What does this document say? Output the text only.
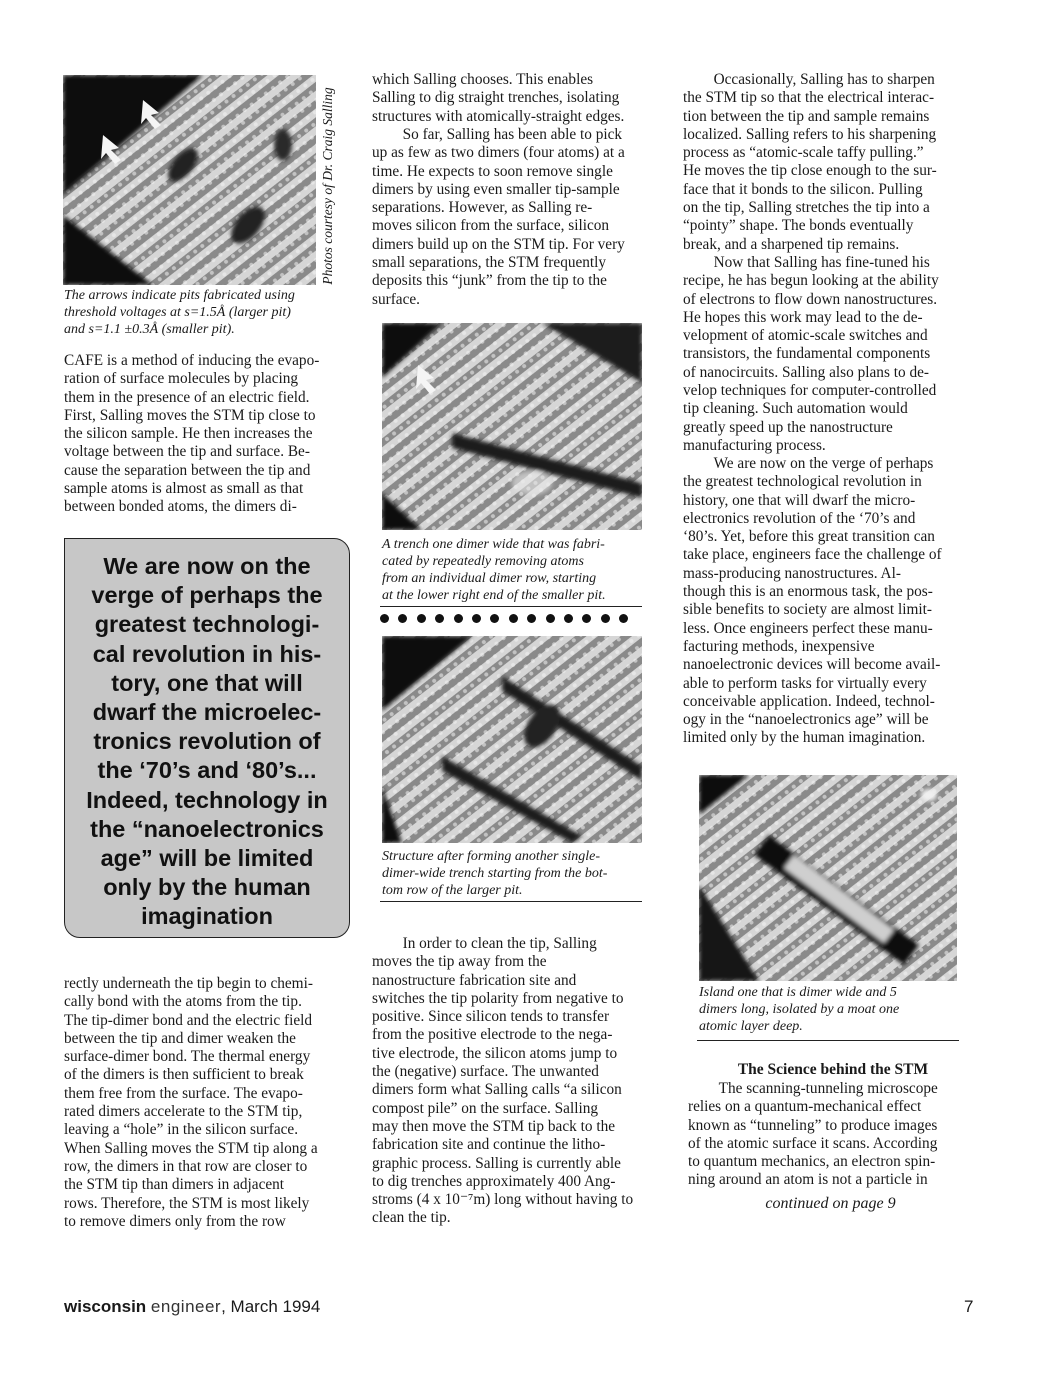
Photos courtesy of Dr. Craig Salling

The arrows indicate pits fabricated using
threshold voltages at s=1.5Å (larger pit)
and s=1.1 ±0.3Å (smaller pit).

CAFE is a method of inducing the evapo-
ration of surface molecules by placing
them in the presence of an electric field.
First, Salling moves the STM tip close to
the silicon sample. He then increases the
voltage between the tip and surface. Be-
cause the separation between the tip and
sample atoms is almost as small as that
between bonded atoms, the dimers di-

We are now on the
verge of perhaps the
greatest technologi-
cal revolution in his-
tory, one that will
dwarf the microelec-
tronics revolution of
the ‘70’s and ‘80’s...
Indeed, technology in
the “nanoelectronics
age” will be limited
only by the human
imagination

rectly underneath the tip begin to chemi-
cally bond with the atoms from the tip.
The tip-dimer bond and the electric field
between the tip and dimer weaken the
surface-dimer bond. The thermal energy
of the dimers is then sufficient to break
them free from the surface. The evapo-
rated dimers accelerate to the STM tip,
leaving a “hole” in the silicon surface.
When Salling moves the STM tip along a
row, the dimers in that row are closer to
the STM tip than dimers in adjacent
rows. Therefore, the STM is most likely
to remove dimers only from the row

which Salling chooses. This enables
Salling to dig straight trenches, isolating
structures with atomically-straight edges.

So far, Salling has been able to pick
up as few as two dimers (four atoms) at a
time. He expects to soon remove single
dimers by using even smaller tip-sample
separations. However, as Salling re-
moves silicon from the surface, silicon
dimers build up on the STM tip. For very
small separations, the STM frequently
deposits this “junk” from the tip to the
surface.

A trench one dimer wide that was fabri-
cated by repeatedly removing atoms
from an individual dimer row, starting
at the lower right end of the smaller pit.

Structure after forming another single-
dimer-wide trench starting from the bot-
tom row of the larger pit.

In order to clean the tip, Salling
moves the tip away from the
nanostructure fabrication site and
switches the tip polarity from negative to
positive. Since silicon tends to transfer
from the positive electrode to the nega-
tive electrode, the silicon atoms jump to
the (negative) surface. The unwanted
dimers form what Salling calls “a silicon
compost pile” on the surface. Salling
may then move the STM tip back to the
fabrication site and continue the litho-
graphic process. Salling is currently able
to dig trenches approximately 400 Ang-
stroms (4 x 10⁻⁷m) long without having to
clean the tip.

Occasionally, Salling has to sharpen
the STM tip so that the electrical interac-
tion between the tip and sample remains
localized. Salling refers to his sharpening
process as “atomic-scale taffy pulling.”
He moves the tip close enough to the sur-
face that it bonds to the silicon. Pulling
on the tip, Salling stretches the tip into a
“pointy” shape. The bonds eventually
break, and a sharpened tip remains.

Now that Salling has fine-tuned his
recipe, he has begun looking at the ability
of electrons to flow down nanostructures.
He hopes this work may lead to the de-
velopment of atomic-scale switches and
transistors, the fundamental components
of nanocircuits. Salling also plans to de-
velop techniques for computer-controlled
tip cleaning. Such automation would
greatly speed up the nanostructure
manufacturing process.

We are now on the verge of perhaps
the greatest technological revolution in
history, one that will dwarf the micro-
electronics revolution of the ‘70’s and
‘80’s. Yet, before this great transition can
take place, engineers face the challenge of
mass-producing nanostructures. Al-
though this is an enormous task, the pos-
sible benefits to society are almost limit-
less. Once engineers perfect these manu-
facturing methods, inexpensive
nanoelectronic devices will become avail-
able to perform tasks for virtually every
conceivable application. Indeed, technol-
ogy in the “nanoelectronics age” will be
limited only by the human imagination.

Island one that is dimer wide and 5
dimers long, isolated by a moat one
atomic layer deep.

The Science behind the STM

The scanning-tunneling microscope
relies on a quantum-mechanical effect
known as “tunneling” to produce images
of the atomic surface it scans. According
to quantum mechanics, an electron spin-
ning around an atom is not a particle in

continued on page 9

wisconsin engineer, March 1994	7
